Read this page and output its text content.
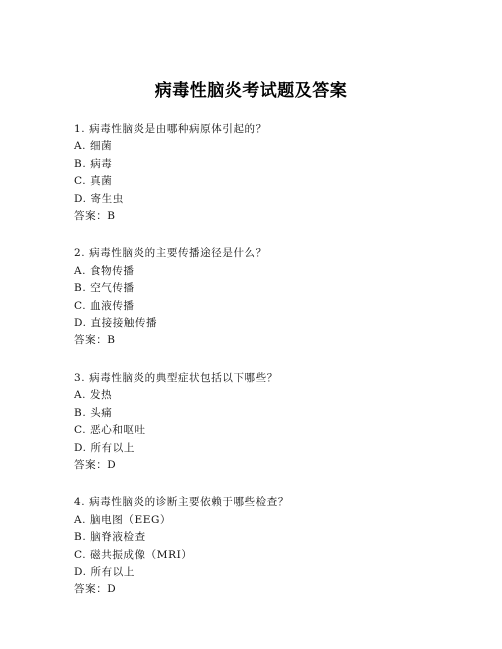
病毒性脑炎考试题及答案
1. 病毒性脑炎是由哪种病原体引起的？
A. 细菌
B. 病毒
C. 真菌
D. 寄生虫
答案：B
2. 病毒性脑炎的主要传播途径是什么？
A. 食物传播
B. 空气传播
C. 血液传播
D. 直接接触传播
答案：B
3. 病毒性脑炎的典型症状包括以下哪些？
A. 发热
B. 头痛
C. 恶心和呕吐
D. 所有以上
答案：D
4. 病毒性脑炎的诊断主要依赖于哪些检查？
A. 脑电图（EEG）
B. 脑脊液检查
C. 磁共振成像（MRI）
D. 所有以上
答案：D
